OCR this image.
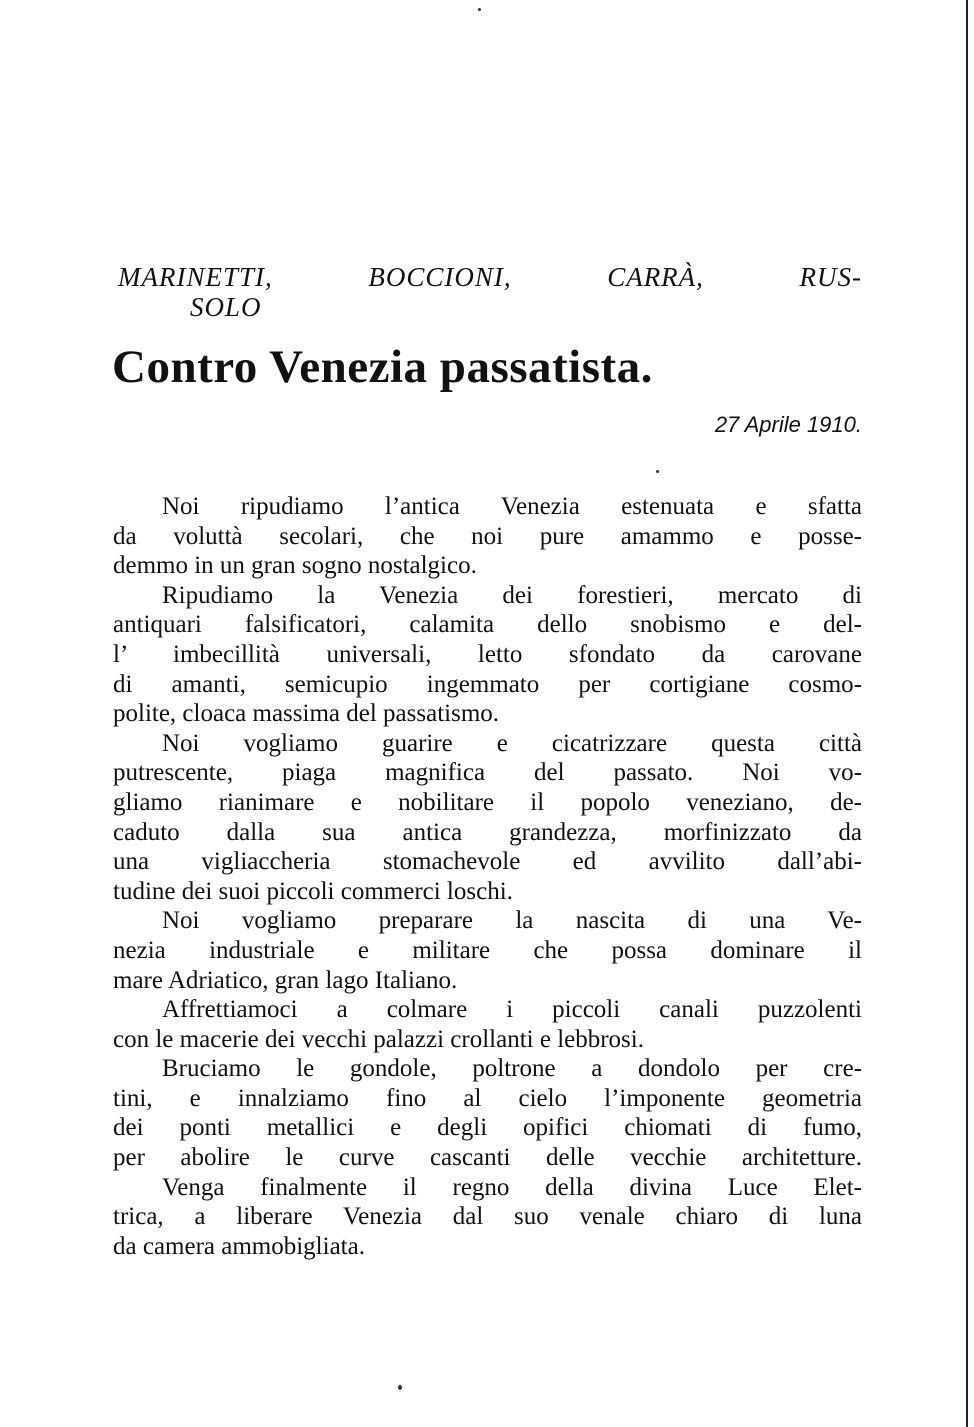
MARINETTI, BOCCIONI, CARRÀ, RUS-
SOLO
Contro Venezia passatista.
27 Aprile 1910.
Noi ripudiamo l’antica Venezia estenuata e sfatta
da voluttà secolari, che noi pure amammo e posse-
demmo in un gran sogno nostalgico.
Ripudiamo la Venezia dei forestieri, mercato di
antiquari falsificatori, calamita dello snobismo e del-
l’ imbecillità universali, letto sfondato da carovane
di amanti, semicupio ingemmato per cortigiane cosmo-
polite, cloaca massima del passatismo.
Noi vogliamo guarire e cicatrizzare questa città
putrescente, piaga magnifica del passato. Noi vo-
gliamo rianimare e nobilitare il popolo veneziano, de-
caduto dalla sua antica grandezza, morfinizzato da
una vigliaccheria stomachevole ed avvilito dall’abi-
tudine dei suoi piccoli commerci loschi.
Noi vogliamo preparare la nascita di una Ve-
nezia industriale e militare che possa dominare il
mare Adriatico, gran lago Italiano.
Affrettiamoci a colmare i piccoli canali puzzolenti
con le macerie dei vecchi palazzi crollanti e lebbrosi.
Bruciamo le gondole, poltrone a dondolo per cre-
tini, e innalziamo fino al cielo l’imponente geometria
dei ponti metallici e degli opifici chiomati di fumo,
per abolire le curve cascanti delle vecchie architetture.
Venga finalmente il regno della divina Luce Elet-
trica, a liberare Venezia dal suo venale chiaro di luna
da camera ammobigliata.
